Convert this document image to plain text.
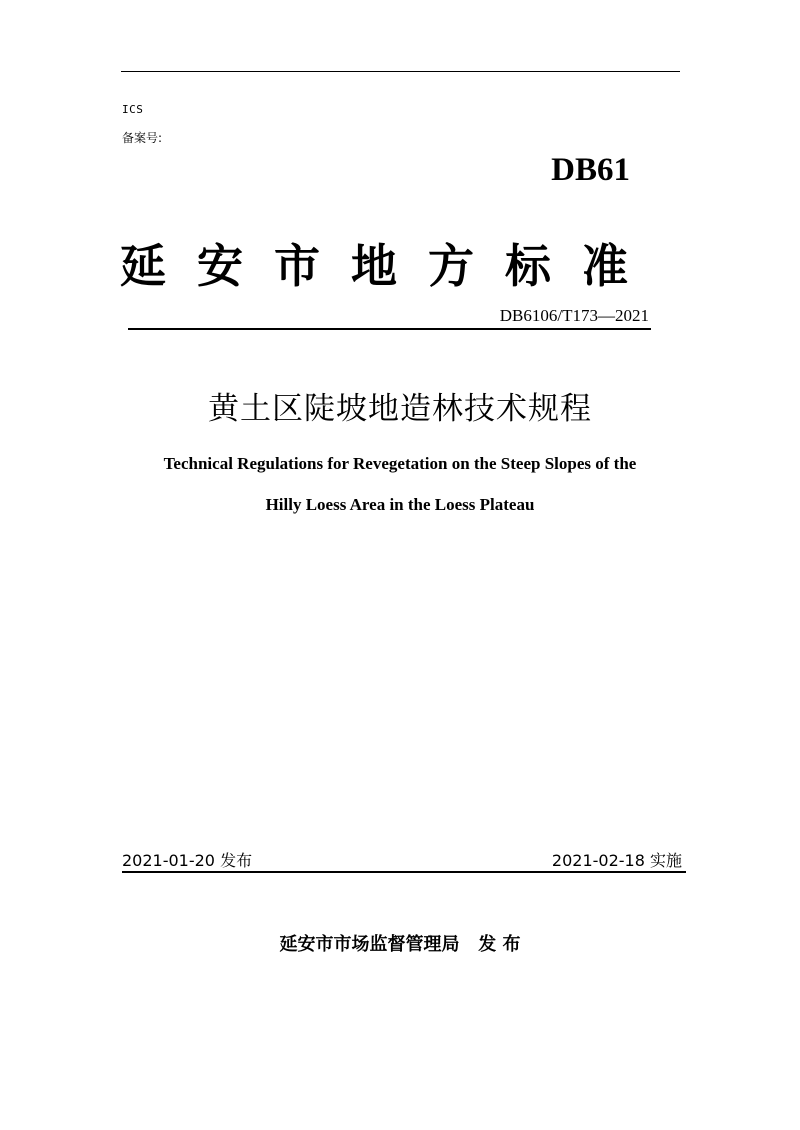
ICS
备案号:
DB61
延安市地方标准
DB6106/T173—2021
黄土区陡坡地造林技术规程
Technical Regulations for Revegetation on the Steep Slopes of the
Hilly Loess Area in the Loess Plateau
2021-01-20 发布	2021-02-18 实施
延安市市场监督管理局   发 布
